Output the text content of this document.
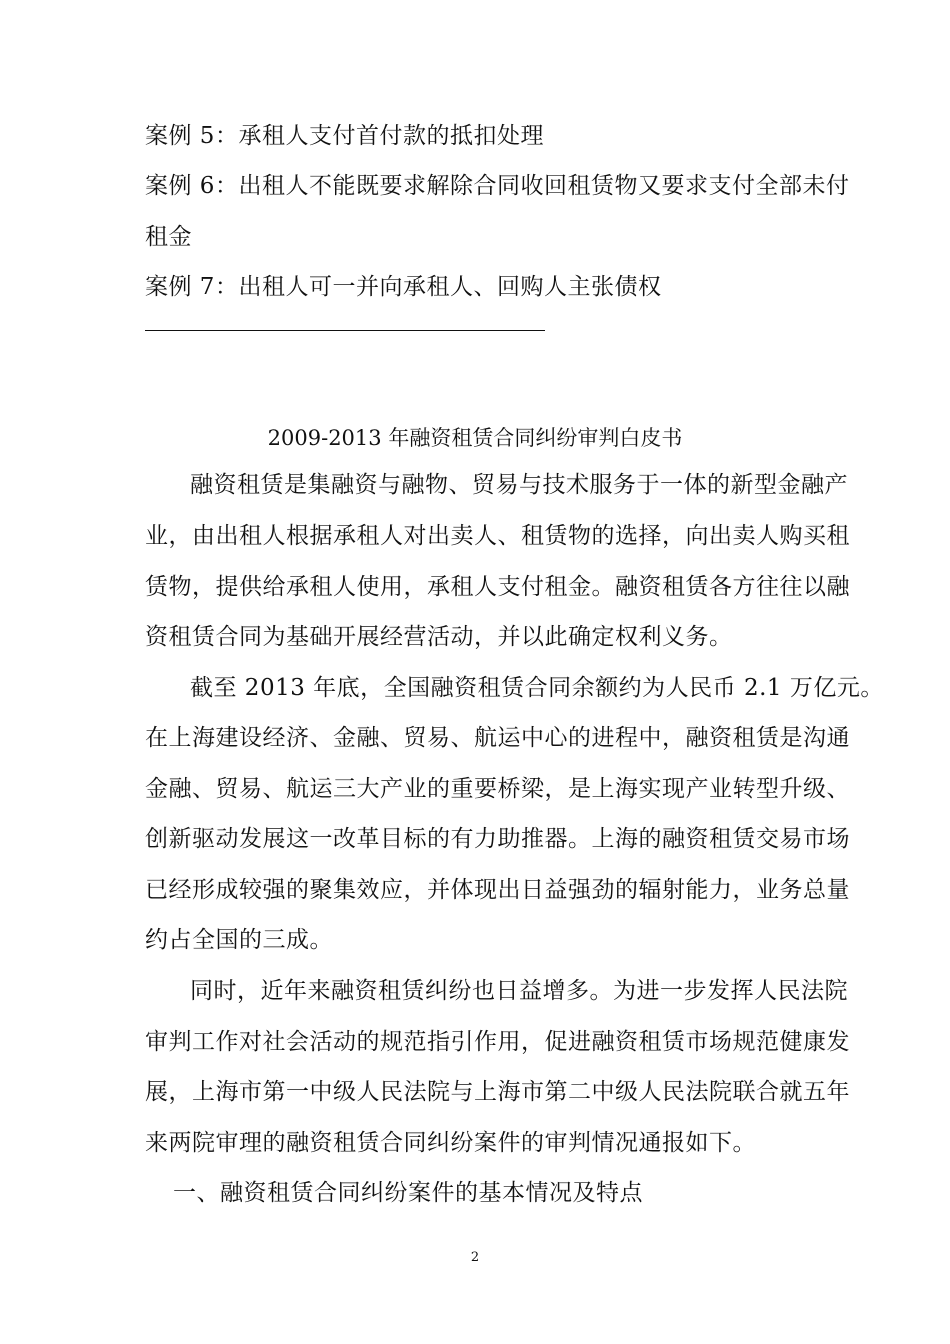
案例 5：承租人支付首付款的抵扣处理
案例 6：出租人不能既要求解除合同收回租赁物又要求支付全部未付
租金
案例 7：出租人可一并向承租人、回购人主张债权
2009-2013 年融资租赁合同纠纷审判白皮书
融资租赁是集融资与融物、贸易与技术服务于一体的新型金融产
业，由出租人根据承租人对出卖人、租赁物的选择，向出卖人购买租
赁物，提供给承租人使用，承租人支付租金。融资租赁各方往往以融
资租赁合同为基础开展经营活动，并以此确定权利义务。
截至 2013 年底，全国融资租赁合同余额约为人民币 2.1 万亿元。
在上海建设经济、金融、贸易、航运中心的进程中，融资租赁是沟通
金融、贸易、航运三大产业的重要桥梁，是上海实现产业转型升级、
创新驱动发展这一改革目标的有力助推器。上海的融资租赁交易市场
已经形成较强的聚集效应，并体现出日益强劲的辐射能力，业务总量
约占全国的三成。
同时，近年来融资租赁纠纷也日益增多。为进一步发挥人民法院
审判工作对社会活动的规范指引作用，促进融资租赁市场规范健康发
展，上海市第一中级人民法院与上海市第二中级人民法院联合就五年
来两院审理的融资租赁合同纠纷案件的审判情况通报如下。
一、融资租赁合同纠纷案件的基本情况及特点
2
